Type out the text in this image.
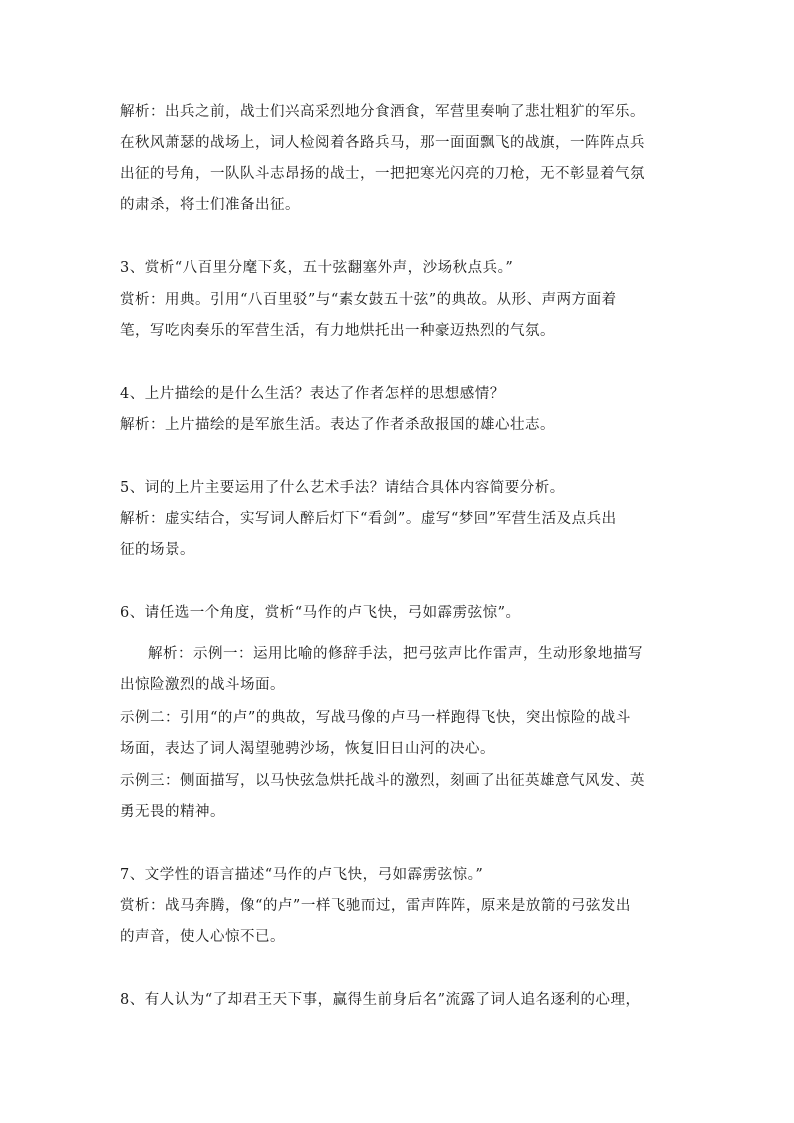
解析：出兵之前，战士们兴高采烈地分食酒食，军营里奏响了悲壮粗犷的军乐。
在秋风萧瑟的战场上，词人检阅着各路兵马，那一面面飘飞的战旗，一阵阵点兵
出征的号角，一队队斗志昂扬的战士，一把把寒光闪亮的刀枪，无不彰显着气氛
的肃杀，将士们准备出征。
3、赏析“八百里分麾下炙，五十弦翻塞外声，沙场秋点兵。”
赏析：用典。引用“八百里驳”与“素女鼓五十弦”的典故。从形、声两方面着
笔，写吃肉奏乐的军营生活，有力地烘托出一种豪迈热烈的气氛。
4、上片描绘的是什么生活？表达了作者怎样的思想感情？
解析：上片描绘的是军旅生活。表达了作者杀敌报国的雄心壮志。
5、词的上片主要运用了什么艺术手法？请结合具体内容简要分析。
解析：虚实结合，实写词人醉后灯下“看剑”。虚写“梦回”军营生活及点兵出
征的场景。
6、请任选一个角度，赏析“马作的卢飞快，弓如霹雳弦惊”。
解析：示例一：运用比喻的修辞手法，把弓弦声比作雷声，生动形象地描写
出惊险激烈的战斗场面。
示例二：引用“的卢”的典故，写战马像的卢马一样跑得飞快，突出惊险的战斗
场面，表达了词人渴望驰骋沙场，恢复旧日山河的决心。
示例三：侧面描写，以马快弦急烘托战斗的激烈，刻画了出征英雄意气风发、英
勇无畏的精神。
7、文学性的语言描述“马作的卢飞快，弓如霹雳弦惊。”
赏析：战马奔腾，像“的卢”一样飞驰而过，雷声阵阵，原来是放箭的弓弦发出
的声音，使人心惊不已。
8、有人认为“了却君王天下事，赢得生前身后名”流露了词人追名逐利的心理，
